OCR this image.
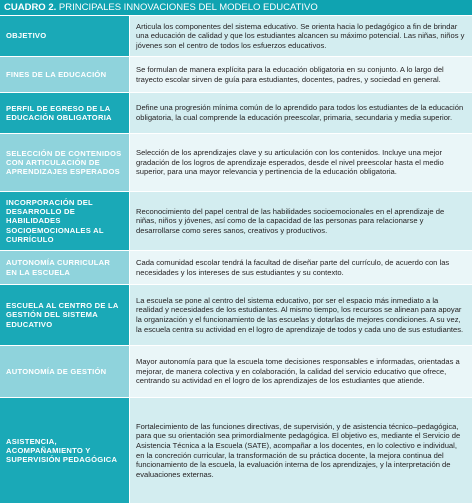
CUADRO 2. PRINCIPALES INNOVACIONES DEL MODELO EDUCATIVO
OBJETIVO
Articula los componentes del sistema educativo. Se orienta hacia lo pedagógico a fin de brindar una educación de calidad y que los estudiantes alcancen su máximo potencial. Las niñas, niños y jóvenes son el centro de todos los esfuerzos educativos.
FINES DE LA EDUCACIÓN
Se formulan de manera explícita para la educación obligatoria en su conjunto. A lo largo del trayecto escolar sirven de guía para estudiantes, docentes, padres, y sociedad en general.
PERFIL DE EGRESO DE LA EDUCACIÓN OBLIGATORIA
Define una progresión mínima común de lo aprendido para todos los estudiantes de la educación obligatoria, la cual comprende la educación preescolar, primaria, secundaria y media superior.
SELECCIÓN DE CONTENIDOS CON ARTICULACIÓN DE APRENDIZAJES ESPERADOS
Selección de los aprendizajes clave y su articulación con los contenidos. Incluye una mejor gradación de los logros de aprendizaje esperados, desde el nivel preescolar hasta el medio superior, para una mayor relevancia y pertinencia de la educación obligatoria.
INCORPORACIÓN DEL DESARROLLO DE HABILIDADES SOCIOEMOCIONALES AL CURRÍCULO
Reconocimiento del papel central de las habilidades socioemocionales en el aprendizaje de niñas, niños y jóvenes, así como de la capacidad de las personas para relacionarse y desarrollarse como seres sanos, creativos y productivos.
AUTONOMÍA CURRICULAR EN LA ESCUELA
Cada comunidad escolar tendrá la facultad de diseñar parte del currículo, de acuerdo con las necesidades y los intereses de sus estudiantes y su contexto.
ESCUELA AL CENTRO DE LA GESTIÓN DEL SISTEMA EDUCATIVO
La escuela se pone al centro del sistema educativo, por ser el espacio más inmediato a la realidad y necesidades de los estudiantes. Al mismo tiempo, los recursos se alinean para apoyar la organización y el funcionamiento de las escuelas y dotarlas de mejores condiciones. A su vez, la escuela centra su actividad en el logro de aprendizaje de todos y cada uno de sus estudiantes.
AUTONOMÍA DE GESTIÓN
Mayor autonomía para que la escuela tome decisiones responsables e informadas, orientadas a mejorar, de manera colectiva y en colaboración, la calidad del servicio educativo que ofrece, centrando su actividad en el logro de los aprendizajes de los estudiantes que atiende.
ASISTENCIA, ACOMPAÑAMIENTO Y SUPERVISIÓN PEDAGÓGICA
Fortalecimiento de las funciones directivas, de supervisión, y de asistencia técnico–pedagógica, para que su orientación sea primordialmente pedagógica. El objetivo es, mediante el Servicio de Asistencia Técnica a la Escuela (SATE), acompañar a los docentes, en lo colectivo e individual, en la concreción curricular, la transformación de su práctica docente, la mejora continua del funcionamiento de la escuela, la evaluación interna de los aprendizajes, y la interpretación de evaluaciones externas.
